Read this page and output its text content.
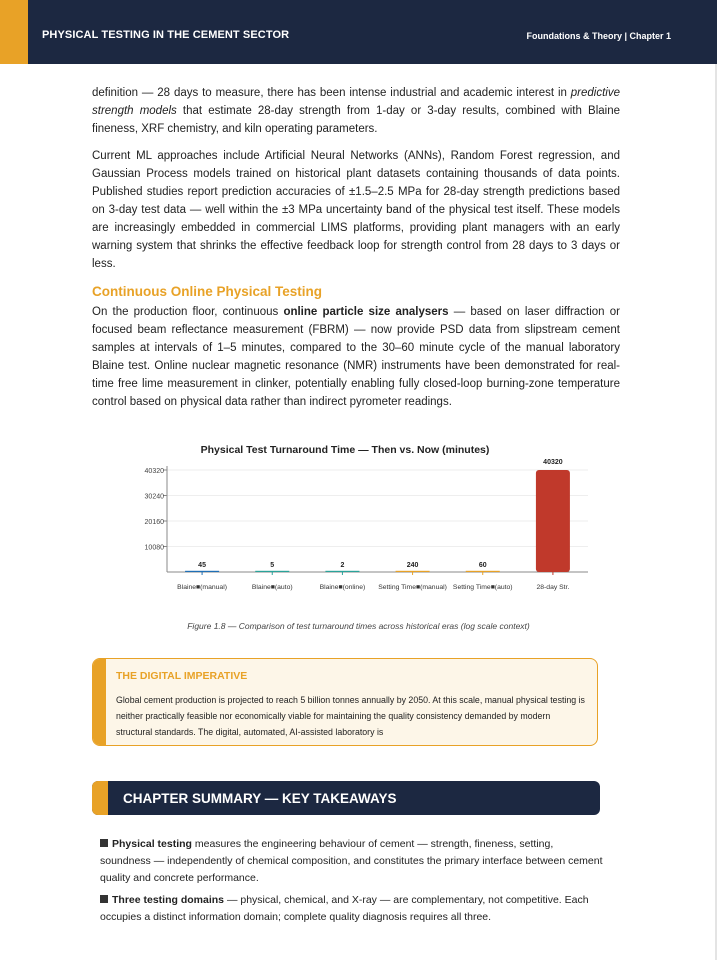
PHYSICAL TESTING IN THE CEMENT SECTOR	Foundations & Theory | Chapter 1

definition — 28 days to measure, there has been intense industrial and academic interest in predictive strength models that estimate 28-day strength from 1-day or 3-day results, combined with Blaine fineness, XRF chemistry, and kiln operating parameters.

Current ML approaches include Artificial Neural Networks (ANNs), Random Forest regression, and Gaussian Process models trained on historical plant datasets containing thousands of data points. Published studies report prediction accuracies of ±1.5–2.5 MPa for 28-day strength predictions based on 3-day test data — well within the ±3 MPa uncertainty band of the physical test itself. These models are increasingly embedded in commercial LIMS platforms, providing plant managers with an early warning system that shrinks the effective feedback loop for strength control from 28 days to 3 days or less.

Continuous Online Physical Testing

On the production floor, continuous online particle size analysers — based on laser diffraction or focused beam reflectance measurement (FBRM) — now provide PSD data from slipstream cement samples at intervals of 1–5 minutes, compared to the 30–60 minute cycle of the manual laboratory Blaine test. Online nuclear magnetic resonance (NMR) instruments have been demonstrated for real-time free lime measurement in clinker, potentially enabling fully closed-loop burning-zone temperature control based on physical data rather than indirect pyrometer readings.

Physical Test Turnaround Time — Then vs. Now (minutes)
10080
20160
30240
40320
45	5	2	240	60
40320
Blaine■(manual)	Blaine■(auto)	Blaine■(online) Setting Time■(manual) Setting Time■(auto)	28-day Str.
Figure 1.8 — Comparison of test turnaround times across historical eras (log scale context)
THE DIGITAL IMPERATIVE
Global cement production is projected to reach 5 billion tonnes annually by 2050. At this scale, manual physical testing is neither practically feasible nor economically viable for maintaining the quality consistency demanded by modern structural standards. The digital, automated, AI-assisted laboratory is
CHAPTER SUMMARY — KEY TAKEAWAYS
Physical testing measures the engineering behaviour of cement — strength, fineness, setting, soundness — independently of chemical composition, and constitutes the primary interface between cement quality and concrete performance.
Three testing domains — physical, chemical, and X-ray — are complementary, not competitive. Each occupies a distinct information domain; complete quality diagnosis requires all three.
